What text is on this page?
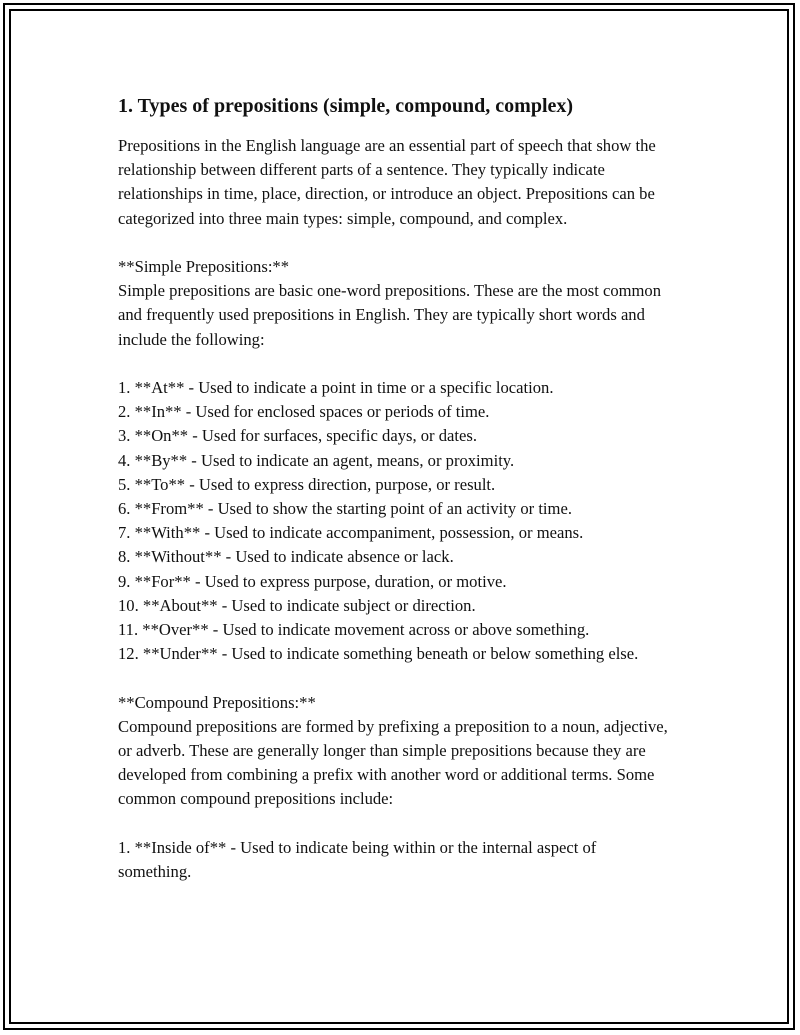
1. Types of prepositions (simple, compound, complex)

Prepositions in the English language are an essential part of speech that show the relationship between different parts of a sentence. They typically indicate relationships in time, place, direction, or introduce an object. Prepositions can be categorized into three main types: simple, compound, and complex.

**Simple Prepositions:**

Simple prepositions are basic one-word prepositions. These are the most common and frequently used prepositions in English. They are typically short words and include the following:

1. **At** - Used to indicate a point in time or a specific location.

2. **In** - Used for enclosed spaces or periods of time.

3. **On** - Used for surfaces, specific days, or dates.

4. **By** - Used to indicate an agent, means, or proximity.

5. **To** - Used to express direction, purpose, or result.

6. **From** - Used to show the starting point of an activity or time.

7. **With** - Used to indicate accompaniment, possession, or means.

8. **Without** - Used to indicate absence or lack.

9. **For** - Used to express purpose, duration, or motive.

10. **About** - Used to indicate subject or direction.

11. **Over** - Used to indicate movement across or above something.

12. **Under** - Used to indicate something beneath or below something else.

**Compound Prepositions:**

Compound prepositions are formed by prefixing a preposition to a noun, adjective, or adverb. These are generally longer than simple prepositions because they are developed from combining a prefix with another word or additional terms. Some common compound prepositions include:

1. **Inside of** - Used to indicate being within or the internal aspect of something.
